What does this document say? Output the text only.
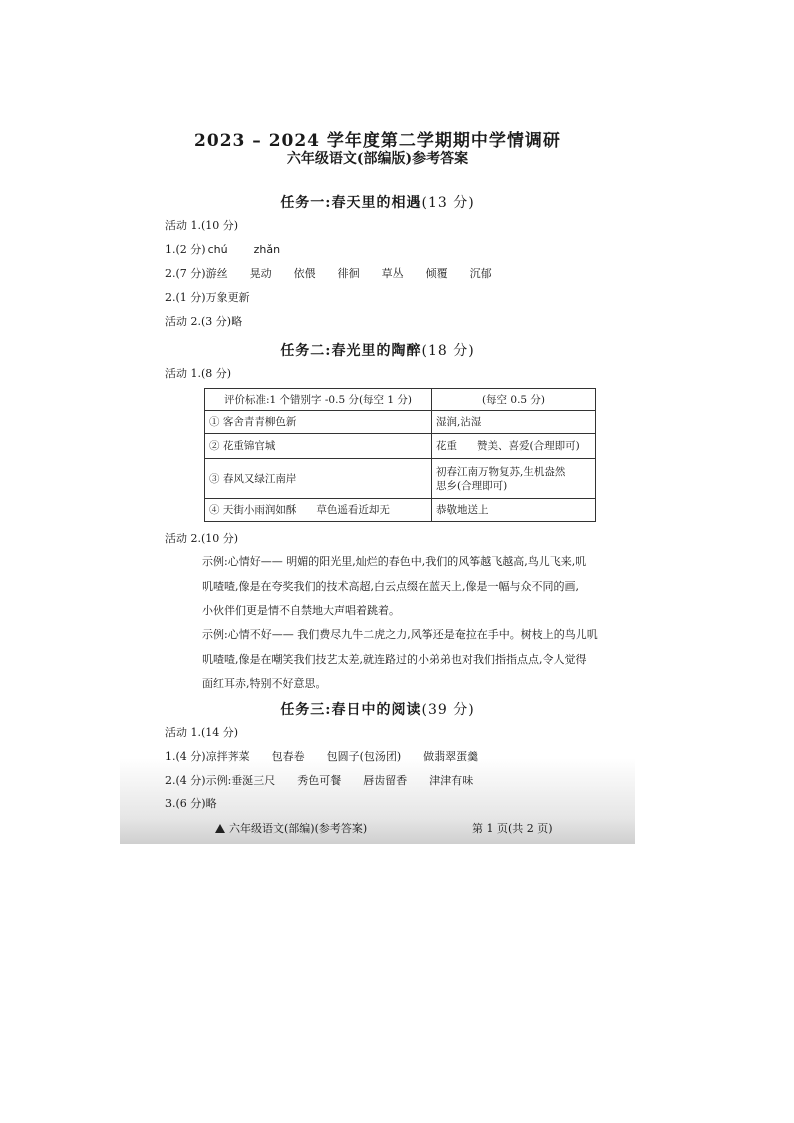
2023 – 2024 学年度第二学期期中学情调研
六年级语文(部编版)参考答案
任务一:春天里的相遇(13 分)
活动 1.(10 分)
1.(2 分) chú zhǎn
2.(7 分)游丝 晃动 依偎 徘徊 草丛 倾覆 沉郁
2.(1 分)万象更新
活动 2.(3 分)略
任务二:春光里的陶醉(18 分)
活动 1.(8 分)
评价标准:1 个错别字 -0.5 分(每空 1 分)	(每空 0.5 分)
① 客舍青青柳色新	湿润,沾湿
② 花重锦官城	花重      赞美、喜爱(合理即可)
③ 春风又绿江南岸	初春江南万物复苏,生机盎然
思乡(合理即可)

④ 天街小雨润如酥      草色遥看近却无	恭敬地送上
活动 2.(10 分)
示例:心情好—— 明媚的阳光里,灿烂的春色中,我们的风筝越飞越高,鸟儿飞来,叽
叽喳喳,像是在夸奖我们的技术高超,白云点缀在蓝天上,像是一幅与众不同的画,
小伙伴们更是情不自禁地大声唱着跳着。
示例:心情不好—— 我们费尽九牛二虎之力,风筝还是奄拉在手中。树枝上的鸟儿叽
叽喳喳,像是在嘲笑我们技艺太差,就连路过的小弟弟也对我们指指点点,令人觉得
面红耳赤,特别不好意思。
任务三:春日中的阅读(39 分)
活动 1.(14 分)
1.(4 分)凉拌荠菜 包春卷 包圆子(包汤团) 做翡翠蛋羹
2.(4 分)示例:垂涎三尺 秀色可餐 唇齿留香 津津有味
3.(6 分)略
六年级语文(部编)(参考答案)	第 1 页(共 2 页)
